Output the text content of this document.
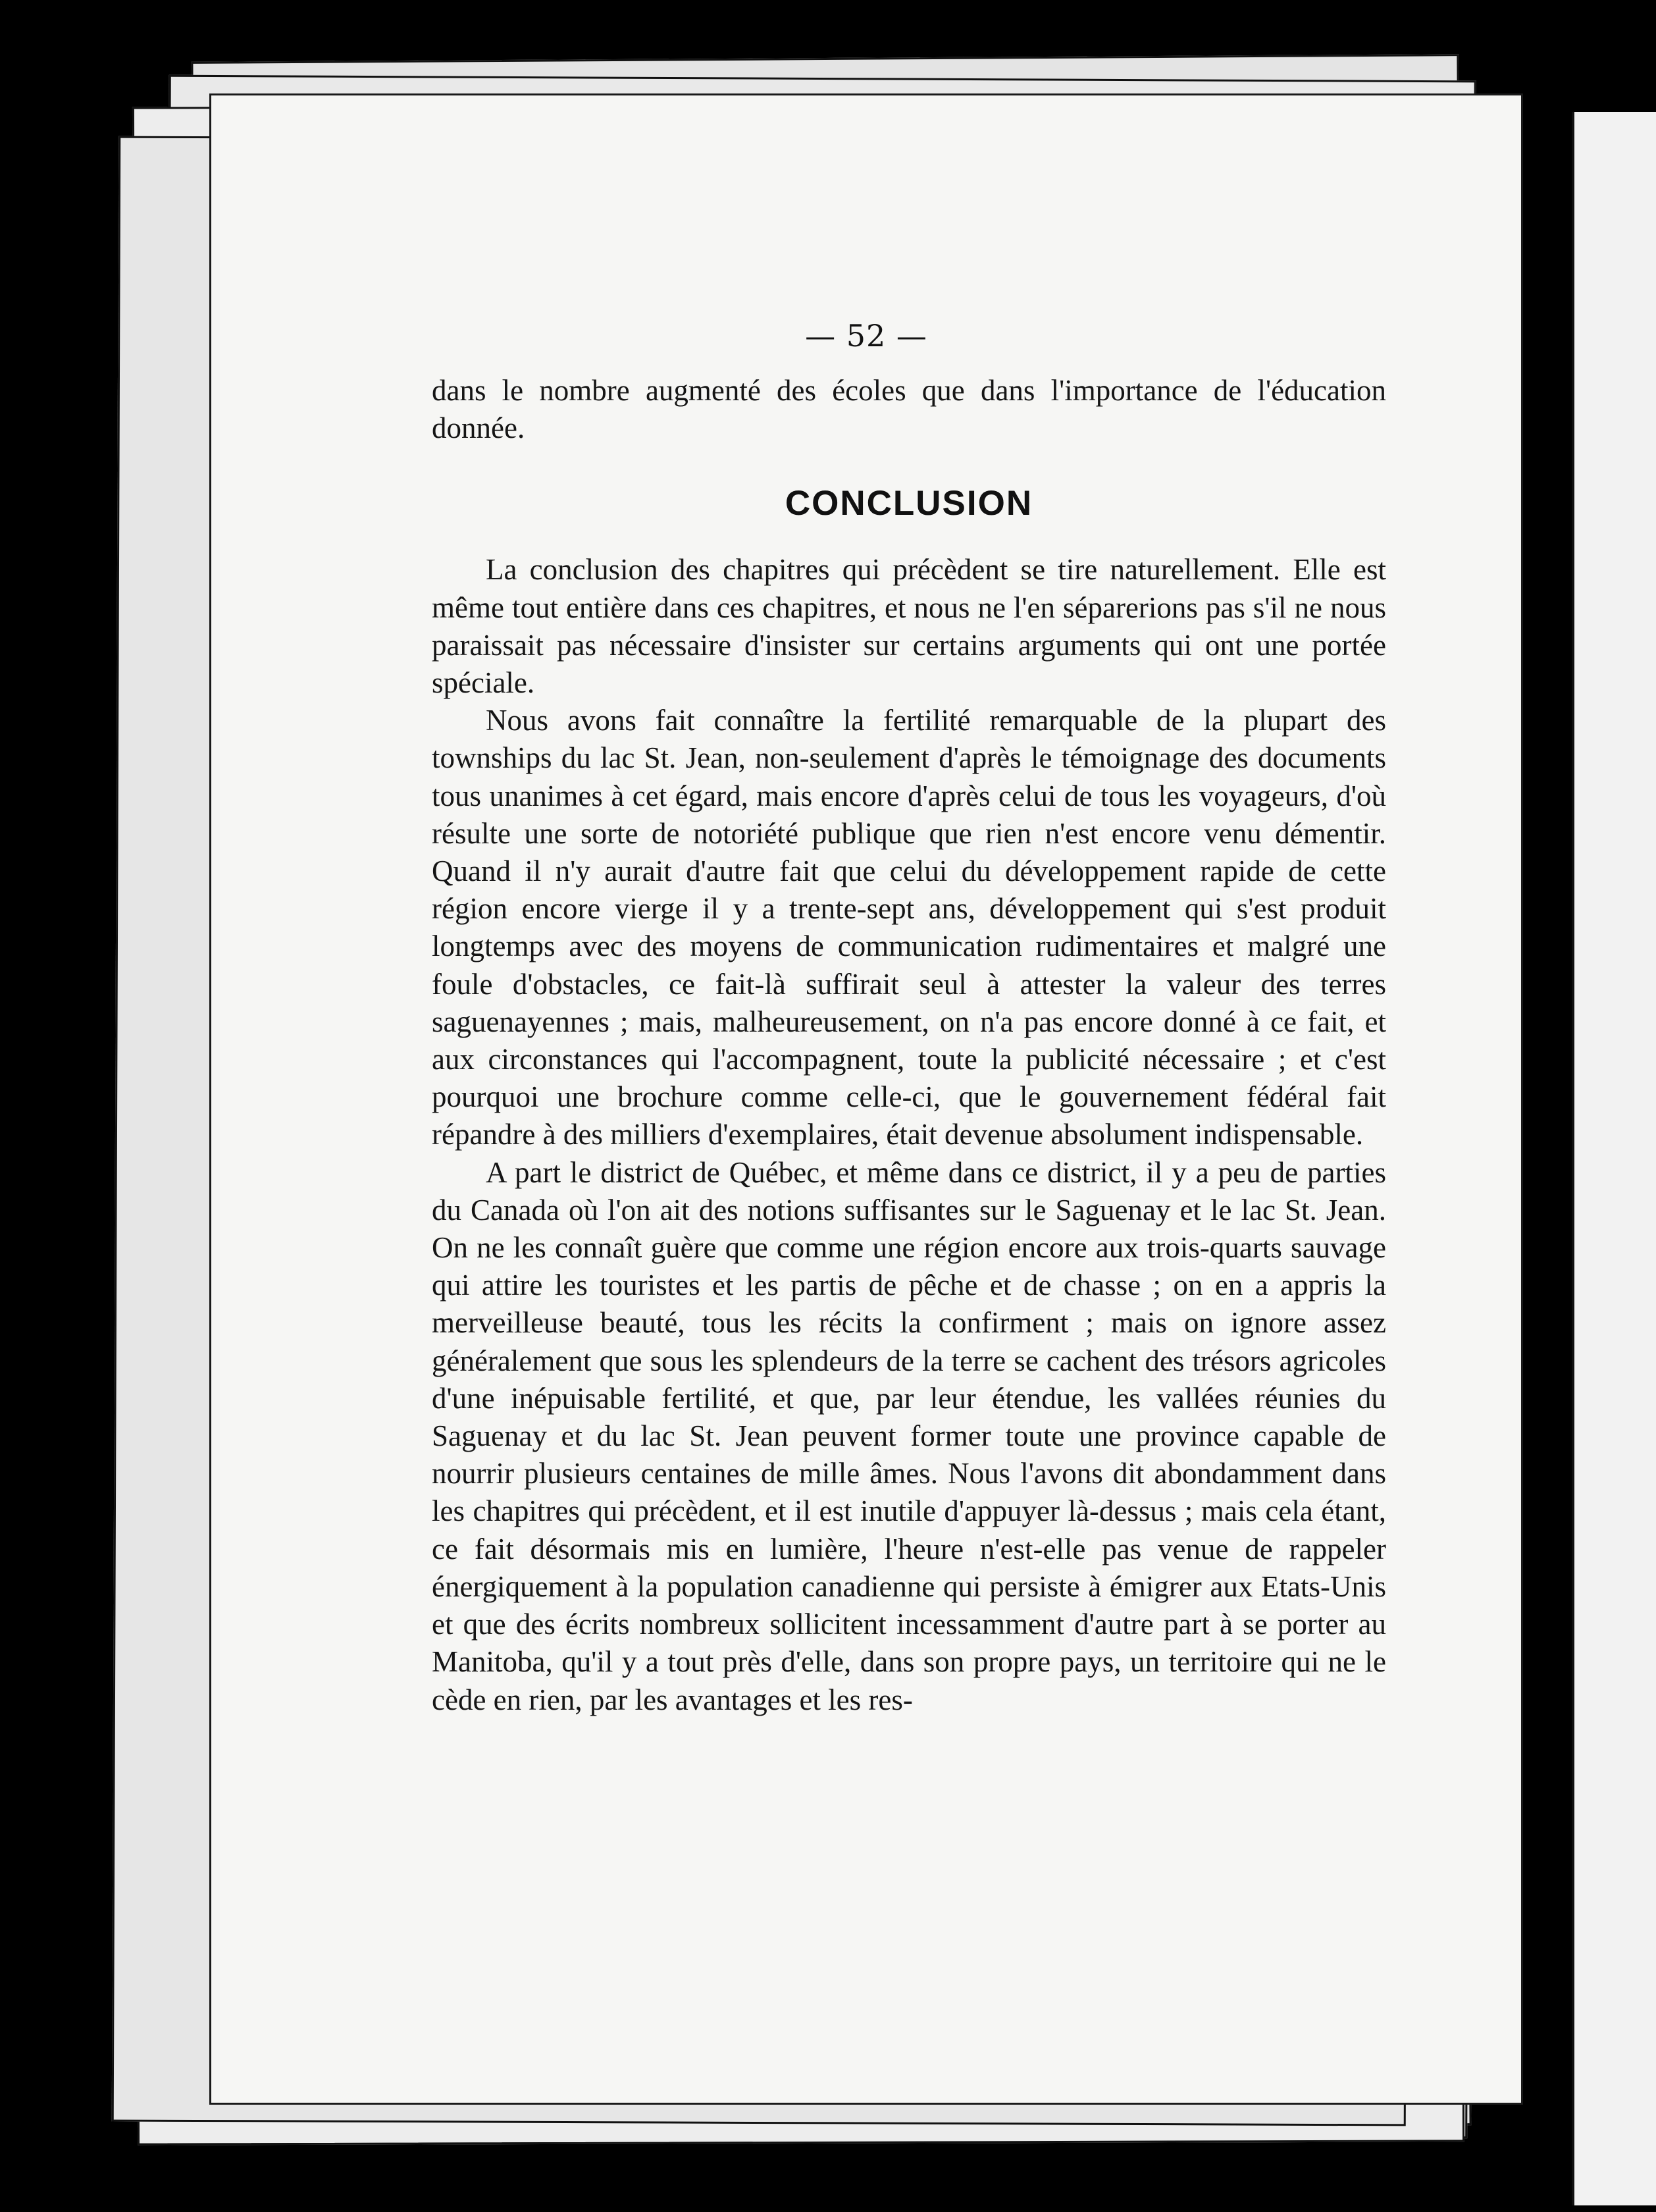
— 52 —

dans le nombre augmenté des écoles que dans l'importance de l'éducation donnée.

CONCLUSION

La conclusion des chapitres qui précèdent se tire naturellement. Elle est même tout entière dans ces chapitres, et nous ne l'en séparerions pas s'il ne nous paraissait pas nécessaire d'insister sur certains arguments qui ont une portée spéciale.

Nous avons fait connaître la fertilité remarquable de la plupart des townships du lac St. Jean, non-seulement d'après le témoignage des documents tous unanimes à cet égard, mais encore d'après celui de tous les voyageurs, d'où résulte une sorte de notoriété publique que rien n'est encore venu démentir. Quand il n'y aurait d'autre fait que celui du développement rapide de cette région encore vierge il y a trente-sept ans, développement qui s'est produit longtemps avec des moyens de communication rudimentaires et malgré une foule d'obstacles, ce fait-là suffirait seul à attester la valeur des terres saguenayennes ; mais, malheureusement, on n'a pas encore donné à ce fait, et aux circonstances qui l'accompagnent, toute la publicité nécessaire ; et c'est pourquoi une brochure comme celle-ci, que le gouvernement fédéral fait répandre à des milliers d'exemplaires, était devenue absolument indispensable.

A part le district de Québec, et même dans ce district, il y a peu de parties du Canada où l'on ait des notions suffisantes sur le Saguenay et le lac St. Jean. On ne les connaît guère que comme une région encore aux trois-quarts sauvage qui attire les touristes et les partis de pêche et de chasse ; on en a appris la merveilleuse beauté, tous les récits la confirment ; mais on ignore assez généralement que sous les splendeurs de la terre se cachent des trésors agricoles d'une inépuisable fertilité, et que, par leur étendue, les vallées réunies du Saguenay et du lac St. Jean peuvent former toute une province capable de nourrir plusieurs centaines de mille âmes. Nous l'avons dit abondamment dans les chapitres qui précèdent, et il est inutile d'appuyer là-dessus ; mais cela étant, ce fait désormais mis en lumière, l'heure n'est-elle pas venue de rappeler énergiquement à la population canadienne qui persiste à émigrer aux Etats-Unis et que des écrits nombreux sollicitent incessamment d'autre part à se porter au Manitoba, qu'il y a tout près d'elle, dans son propre pays, un territoire qui ne le cède en rien, par les avantages et les res-
